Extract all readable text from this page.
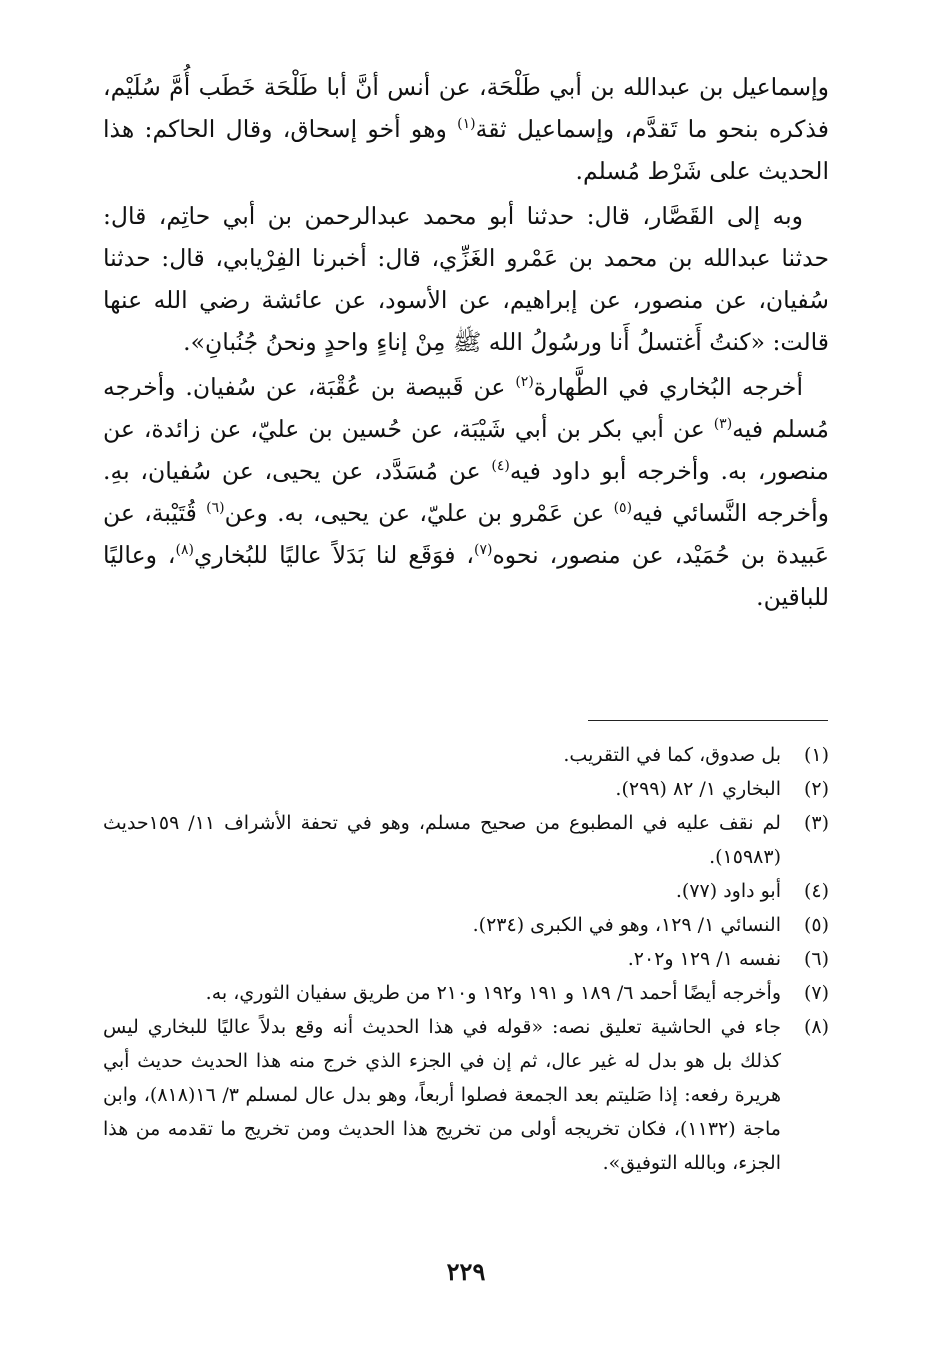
وإسماعيل بن عبدالله بن أبي طَلْحَة، عن أنس أنَّ أبا طَلْحَة خَطَب أُمَّ سُلَيْم، فذكره بنحو ما تَقدَّم، وإسماعيل ثقة$^{(١)}$ وهو أخو إسحاق، وقال الحاكم: هذا الحديث على شَرْط مُسلم.

وبه إلى القَصَّار، قال: حدثنا أبو محمد عبدالرحمن بن أبي حاتِم، قال: حدثنا عبدالله بن محمد بن عَمْرو الغَزِّي، قال: أخبرنا الفِرْيابي، قال: حدثنا سُفيان، عن منصور، عن إبراهيم، عن الأسود، عن عائشة رضي الله عنها قالت: «كنتُ أَغتسلُ أَنا ورسُولُ الله ﷺ مِنْ إناءٍ واحدٍ ونحنُ جُنُبانِ».

أخرجه البُخاري في الطَّهارة$^{(٢)}$ عن قَبيصة بن عُقْبَة، عن سُفيان. وأخرجه مُسلم فيه$^{(٣)}$ عن أبي بكر بن أبي شَيْبَة، عن حُسين بن عليّ، عن زائدة، عن منصور، به. وأخرجه أبو داود فيه$^{(٤)}$ عن مُسَدَّد، عن يحيى، عن سُفيان، بهِ. وأخرجه النَّسائي فيه$^{(٥)}$ عن عَمْرو بن عليّ، عن يحيى، به. وعن$^{(٦)}$ قُتَيْبة، عن عَبيدة بن حُمَيْد، عن منصور، نحوه$^{(٧)}$، فوَقَع لنا بَدَلاً عاليًا للبُخاري$^{(٨)}$، وعاليًا للباقين.

(١)
بل صدوق، كما في التقريب.
(٢)
البخاري ١/ ٨٢ (٢٩٩).
(٣)
لم نقف عليه في المطبوع من صحيح مسلم، وهو في تحفة الأشراف ١١/ ١٥٩حديث (١٥٩٨٣).
(٤)
أبو داود (٧٧).
(٥)
النسائي ١/ ١٢٩، وهو في الكبرى (٢٣٤).
(٦)
نفسه ١/ ١٢٩ و٢٠٢.
(٧)
وأخرجه أيضًا أحمد ٦/ ١٨٩ و ١٩١ و١٩٢ و٢١٠ من طريق سفيان الثوري، به.
(٨)
جاء في الحاشية تعليق نصه: «قوله في هذا الحديث أنه وقع بدلاً عاليًا للبخاري ليس كذلك بل هو بدل له غير عال، ثم إن في الجزء الذي خرج منه هذا الحديث حديث أبي هريرة رفعه: إذا صَليتم بعد الجمعة فصلوا أربعاً، وهو بدل عال لمسلم ٣/ ١٦(٨١٨)، وابن ماجة (١١٣٢)، فكان تخريجه أولى من تخريج هذا الحديث ومن تخريج ما تقدمه من هذا الجزء، وبالله التوفيق».
٢٢٩
